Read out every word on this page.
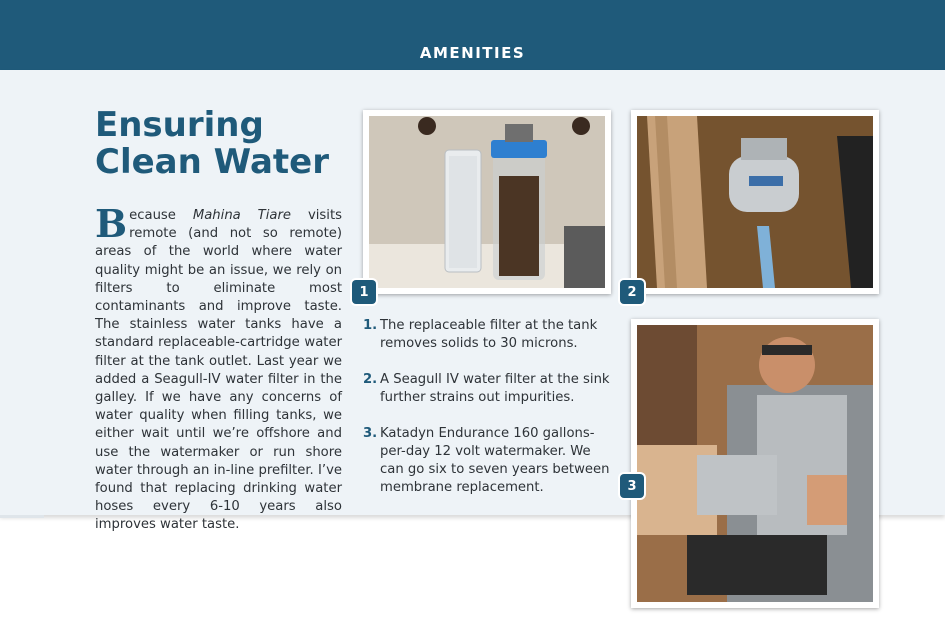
AMENITIES
Ensuring
Clean Water
Because Mahina Tiare visits remote (and not so remote) areas of the world where water quality might be an issue, we rely on filters to eliminate most contaminants and improve taste. The stainless water tanks have a standard replaceable-cartridge water filter at the tank outlet. Last year we added a Seagull-IV water filter in the galley. If we have any concerns of water quality when filling tanks, we either wait until we’re offshore and use the watermaker or run shore water through an in-line prefilter. I’ve found that replacing drinking water hoses every 6-10 years also improves water taste.
1	2
3
1. The replaceable filter at the tank removes solids to 30 microns.
2. A Seagull IV water filter at the sink further strains out impurities.
3. Katadyn Endurance 160 gallons-per-day 12 volt watermaker. We can go six to seven years between membrane replacement.
